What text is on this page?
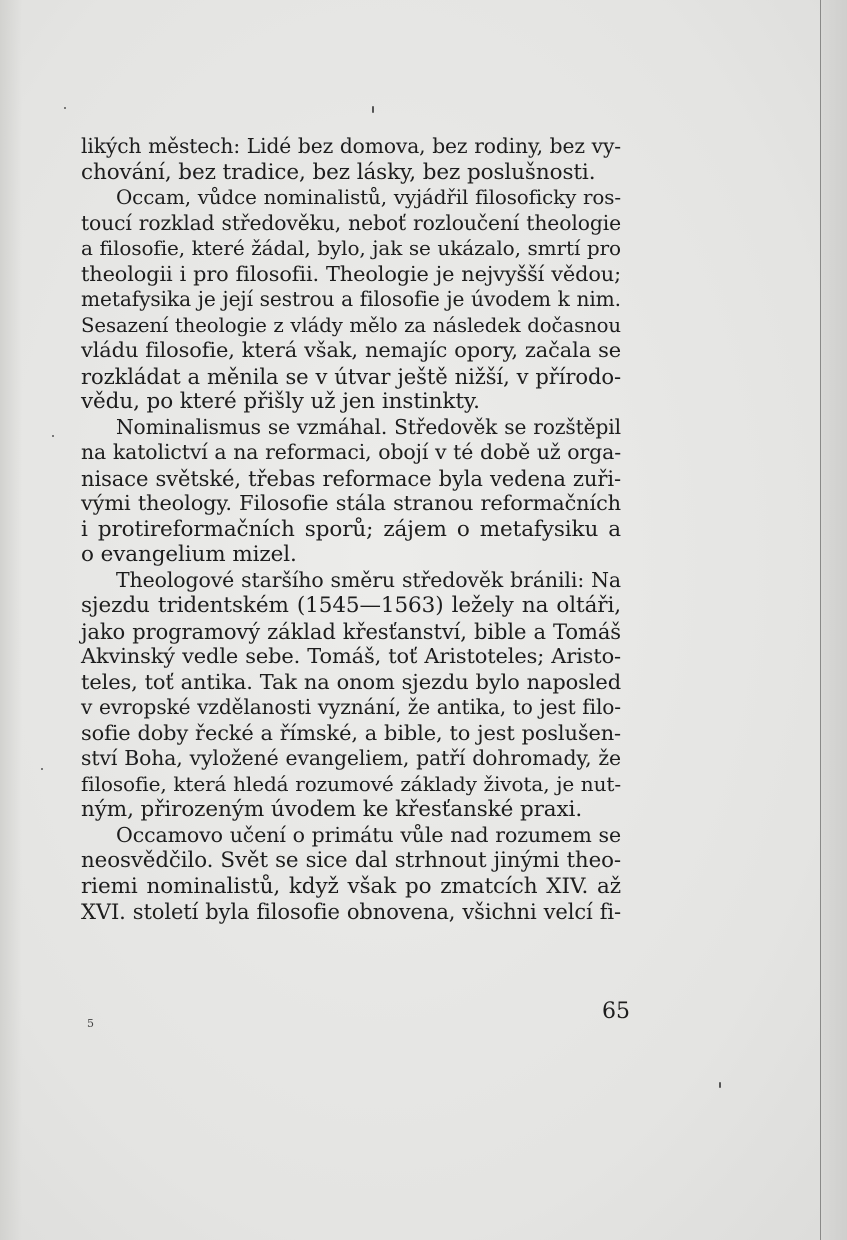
likých městech: Lidé bez domova, bez rodiny, bez vy-
chování, bez tradice, bez lásky, bez poslušnosti.
Occam, vůdce nominalistů, vyjádřil filosoficky ros-
toucí rozklad středověku, neboť rozloučení theologie
a filosofie, které žádal, bylo, jak se ukázalo, smrtí pro
theologii i pro filosofii. Theologie je nejvyšší vědou;
metafysika je její sestrou a filosofie je úvodem k nim.
Sesazení theologie z vlády mělo za následek dočasnou
vládu filosofie, která však, nemajíc opory, začala se
rozkládat a měnila se v útvar ještě nižší, v přírodo-
vědu, po které přišly už jen instinkty.
Nominalismus se vzmáhal. Středověk se rozštěpil
na katolictví a na reformaci, obojí v té době už orga-
nisace světské, třebas reformace byla vedena zuři-
vými theology. Filosofie stála stranou reformačních
i protireformačních sporů; zájem o metafysiku a
o evangelium mizel.
Theologové staršího směru středověk bránili: Na
sjezdu tridentském (1545—1563) ležely na oltáři,
jako programový základ křesťanství, bible a Tomáš
Akvinský vedle sebe. Tomáš, toť Aristoteles; Aristo-
teles, toť antika. Tak na onom sjezdu bylo naposled
v evropské vzdělanosti vyznání, že antika, to jest filo-
sofie doby řecké a římské, a bible, to jest poslušen-
ství Boha, vyložené evangeliem, patří dohromady, že
filosofie, která hledá rozumové základy života, je nut-
ným, přirozeným úvodem ke křesťanské praxi.
Occamovo učení o primátu vůle nad rozumem se
neosvědčilo. Svět se sice dal strhnout jinými theo-
riemi nominalistů, když však po zmatcích XIV. až
XVI. století byla filosofie obnovena, všichni velcí fi-
65
5
